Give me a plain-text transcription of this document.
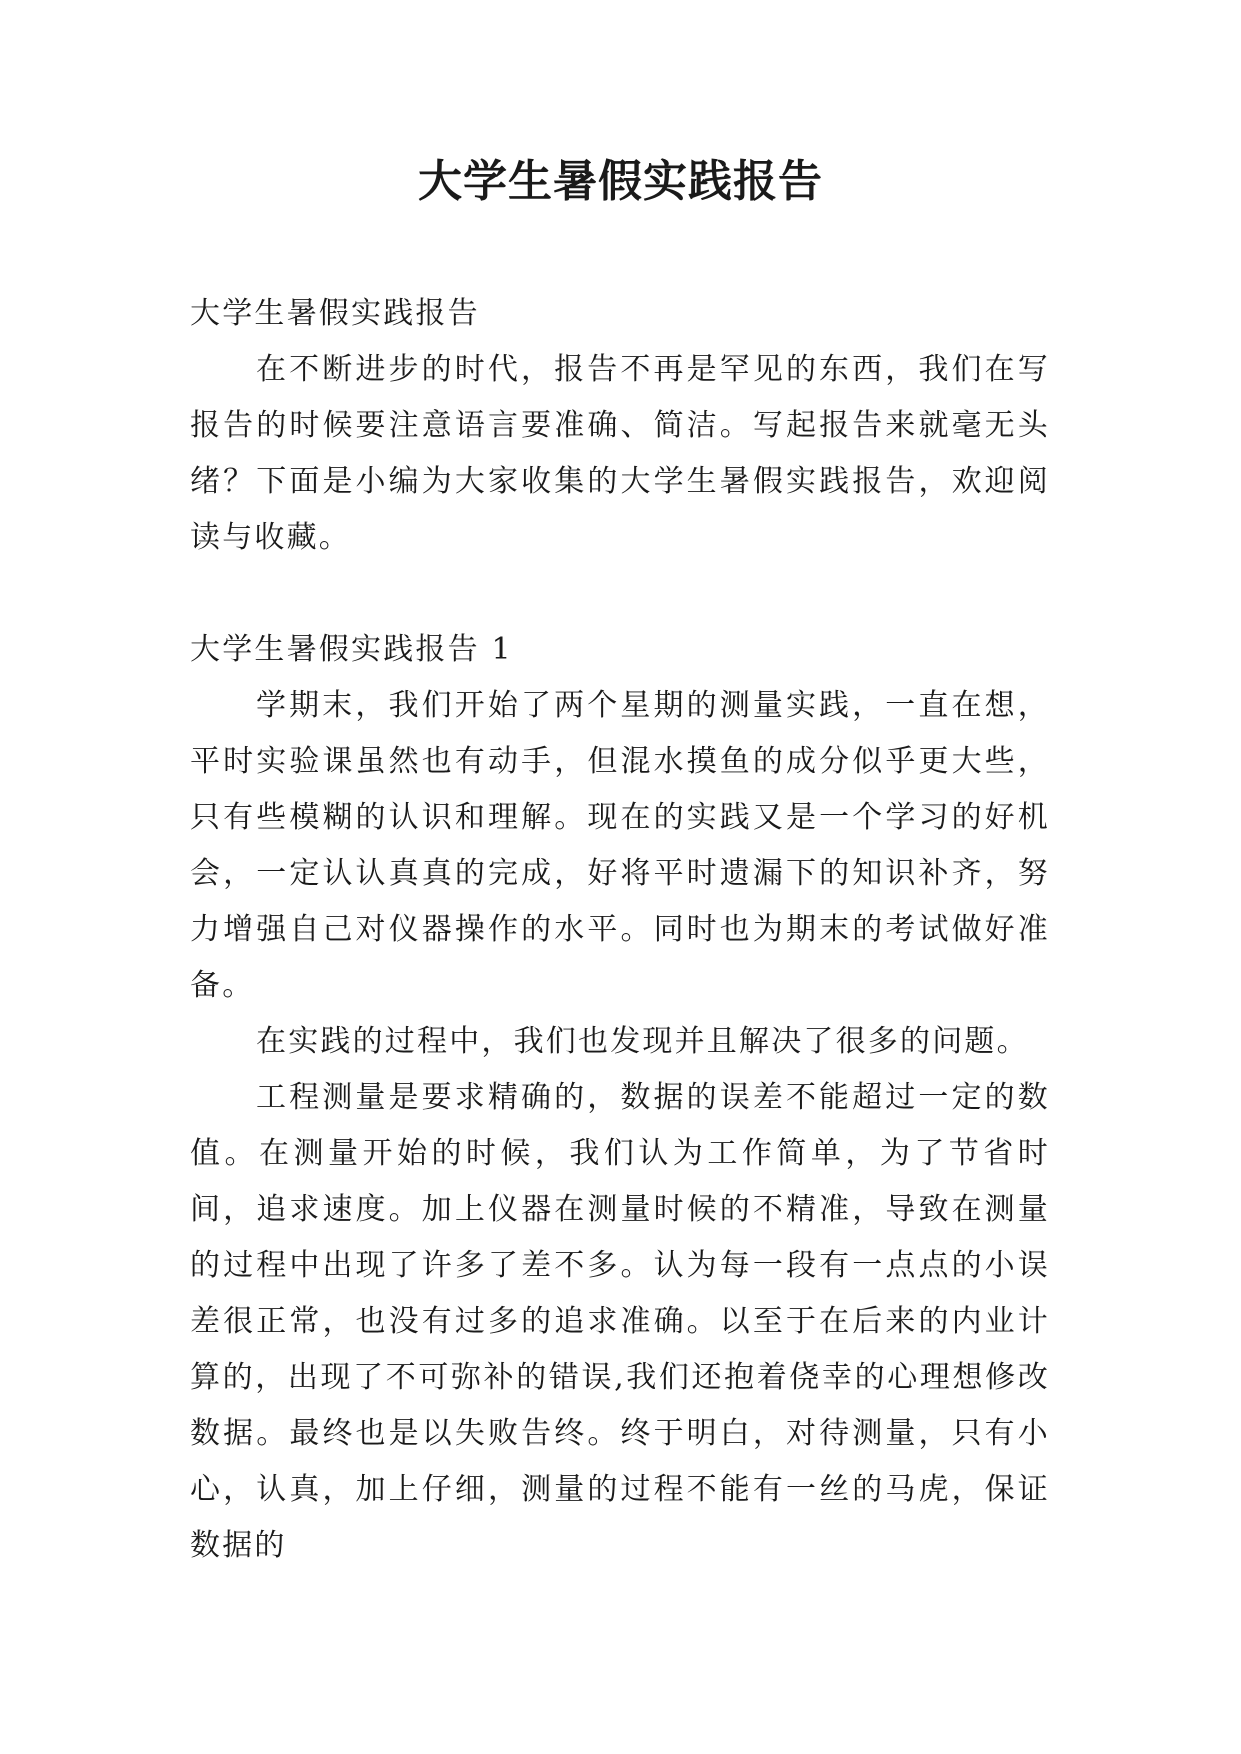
大学生暑假实践报告

大学生暑假实践报告

在不断进步的时代，报告不再是罕见的东西，我们在写报告的时候要注意语言要准确、简洁。写起报告来就毫无头绪？下面是小编为大家收集的大学生暑假实践报告，欢迎阅读与收藏。

大学生暑假实践报告 1

学期末，我们开始了两个星期的测量实践，一直在想，平时实验课虽然也有动手，但混水摸鱼的成分似乎更大些，只有些模糊的认识和理解。现在的实践又是一个学习的好机会，一定认认真真的完成，好将平时遗漏下的知识补齐，努力增强自己对仪器操作的水平。同时也为期末的考试做好准备。

在实践的过程中，我们也发现并且解决了很多的问题。

工程测量是要求精确的，数据的误差不能超过一定的数值。在测量开始的时候，我们认为工作简单，为了节省时间，追求速度。加上仪器在测量时候的不精准，导致在测量的过程中出现了许多了差不多。认为每一段有一点点的小误差很正常，也没有过多的追求准确。以至于在后来的内业计算的，出现了不可弥补的错误,我们还抱着侥幸的心理想修改数据。最终也是以失败告终。终于明白，对待测量，只有小心，认真，加上仔细，测量的过程不能有一丝的马虎，保证数据的
